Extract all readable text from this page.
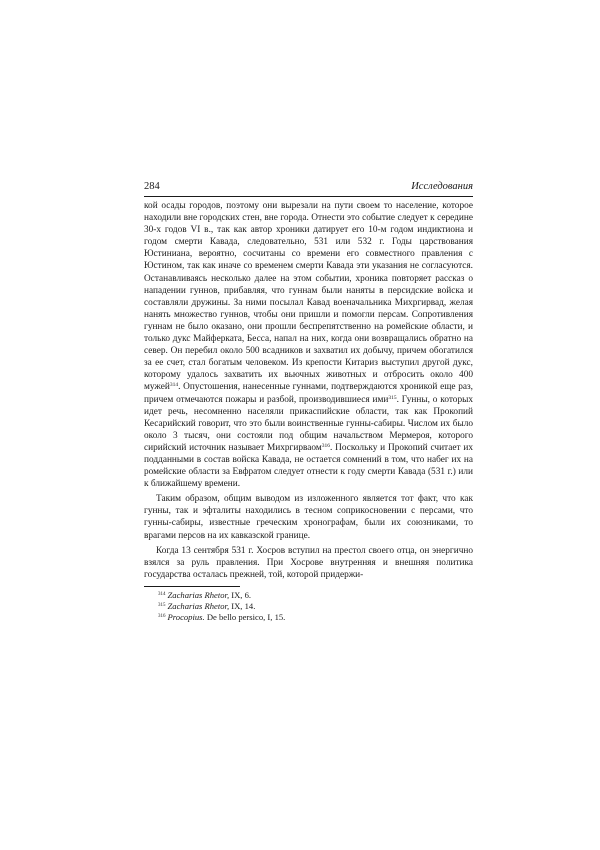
284	Исследования

кой осады городов, поэтому они вырезали на пути своем то население, которое находили вне городских стен, вне города. Отнести это событие следует к середине 30-х годов VI в., так как автор хроники датирует его 10-м годом индиктиона и годом смерти Кавада, следовательно, 531 или 532 г. Годы царствования Юстиниана, вероятно, сосчитаны со времени его совместного правления с Юстином, так как иначе со временем смерти Кавада эти указания не согласуются. Останавливаясь несколько далее на этом событии, хроника повторяет рассказ о нападении гуннов, прибавляя, что гуннам были наняты в персидские войска и составляли дружины. За ними посылал Кавад военачальника Михргирвад, желая нанять множество гуннов, чтобы они пришли и помогли персам. Сопротивления гуннам не было оказано, они прошли беспрепятственно на ромейские области, и только дукс Майферката, Бесса, напал на них, когда они возвращались обратно на север. Он перебил около 500 всадников и захватил их добычу, причем обогатился за ее счет, стал богатым человеком. Из крепости Китариз выступил другой дукс, которому удалось захватить их вьючных животных и отбросить около 400 мужей$^{314}$. Опустошения, нанесенные гуннами, подтверждаются хроникой еще раз, причем отмечаются пожары и разбой, производившиеся ими$^{315}$. Гунны, о которых идет речь, несомненно населяли прикаспийские области, так как Прокопий Кесарийский говорит, что это были воинственные гунны-сабиры. Числом их было около 3 тысяч, они состояли под общим начальством Мермероя, которого сирийский источник называет Михргирваом$^{316}$. Поскольку и Прокопий считает их подданными в состав войска Кавада, не остается сомнений в том, что набег их на ромейские области за Евфратом следует отнести к году смерти Кавада (531 г.) или к ближайшему времени.

Таким образом, общим выводом из изложенного является тот факт, что как гунны, так и эфталиты находились в тесном соприкосновении с персами, что гунны-сабиры, известные греческим хронографам, были их союзниками, то врагами персов на их кавказской границе.

Когда 13 сентября 531 г. Хосров вступил на престол своего отца, он энергично взялся за руль правления. При Хосрове внутренняя и внешняя политика государства осталась прежней, той, которой придержи-

$^{314}$ Zacharias Rhetor, IX, 6.

$^{315}$ Zacharias Rhetor, IX, 14.

$^{316}$ Procopius. De bello persico, I, 15.
